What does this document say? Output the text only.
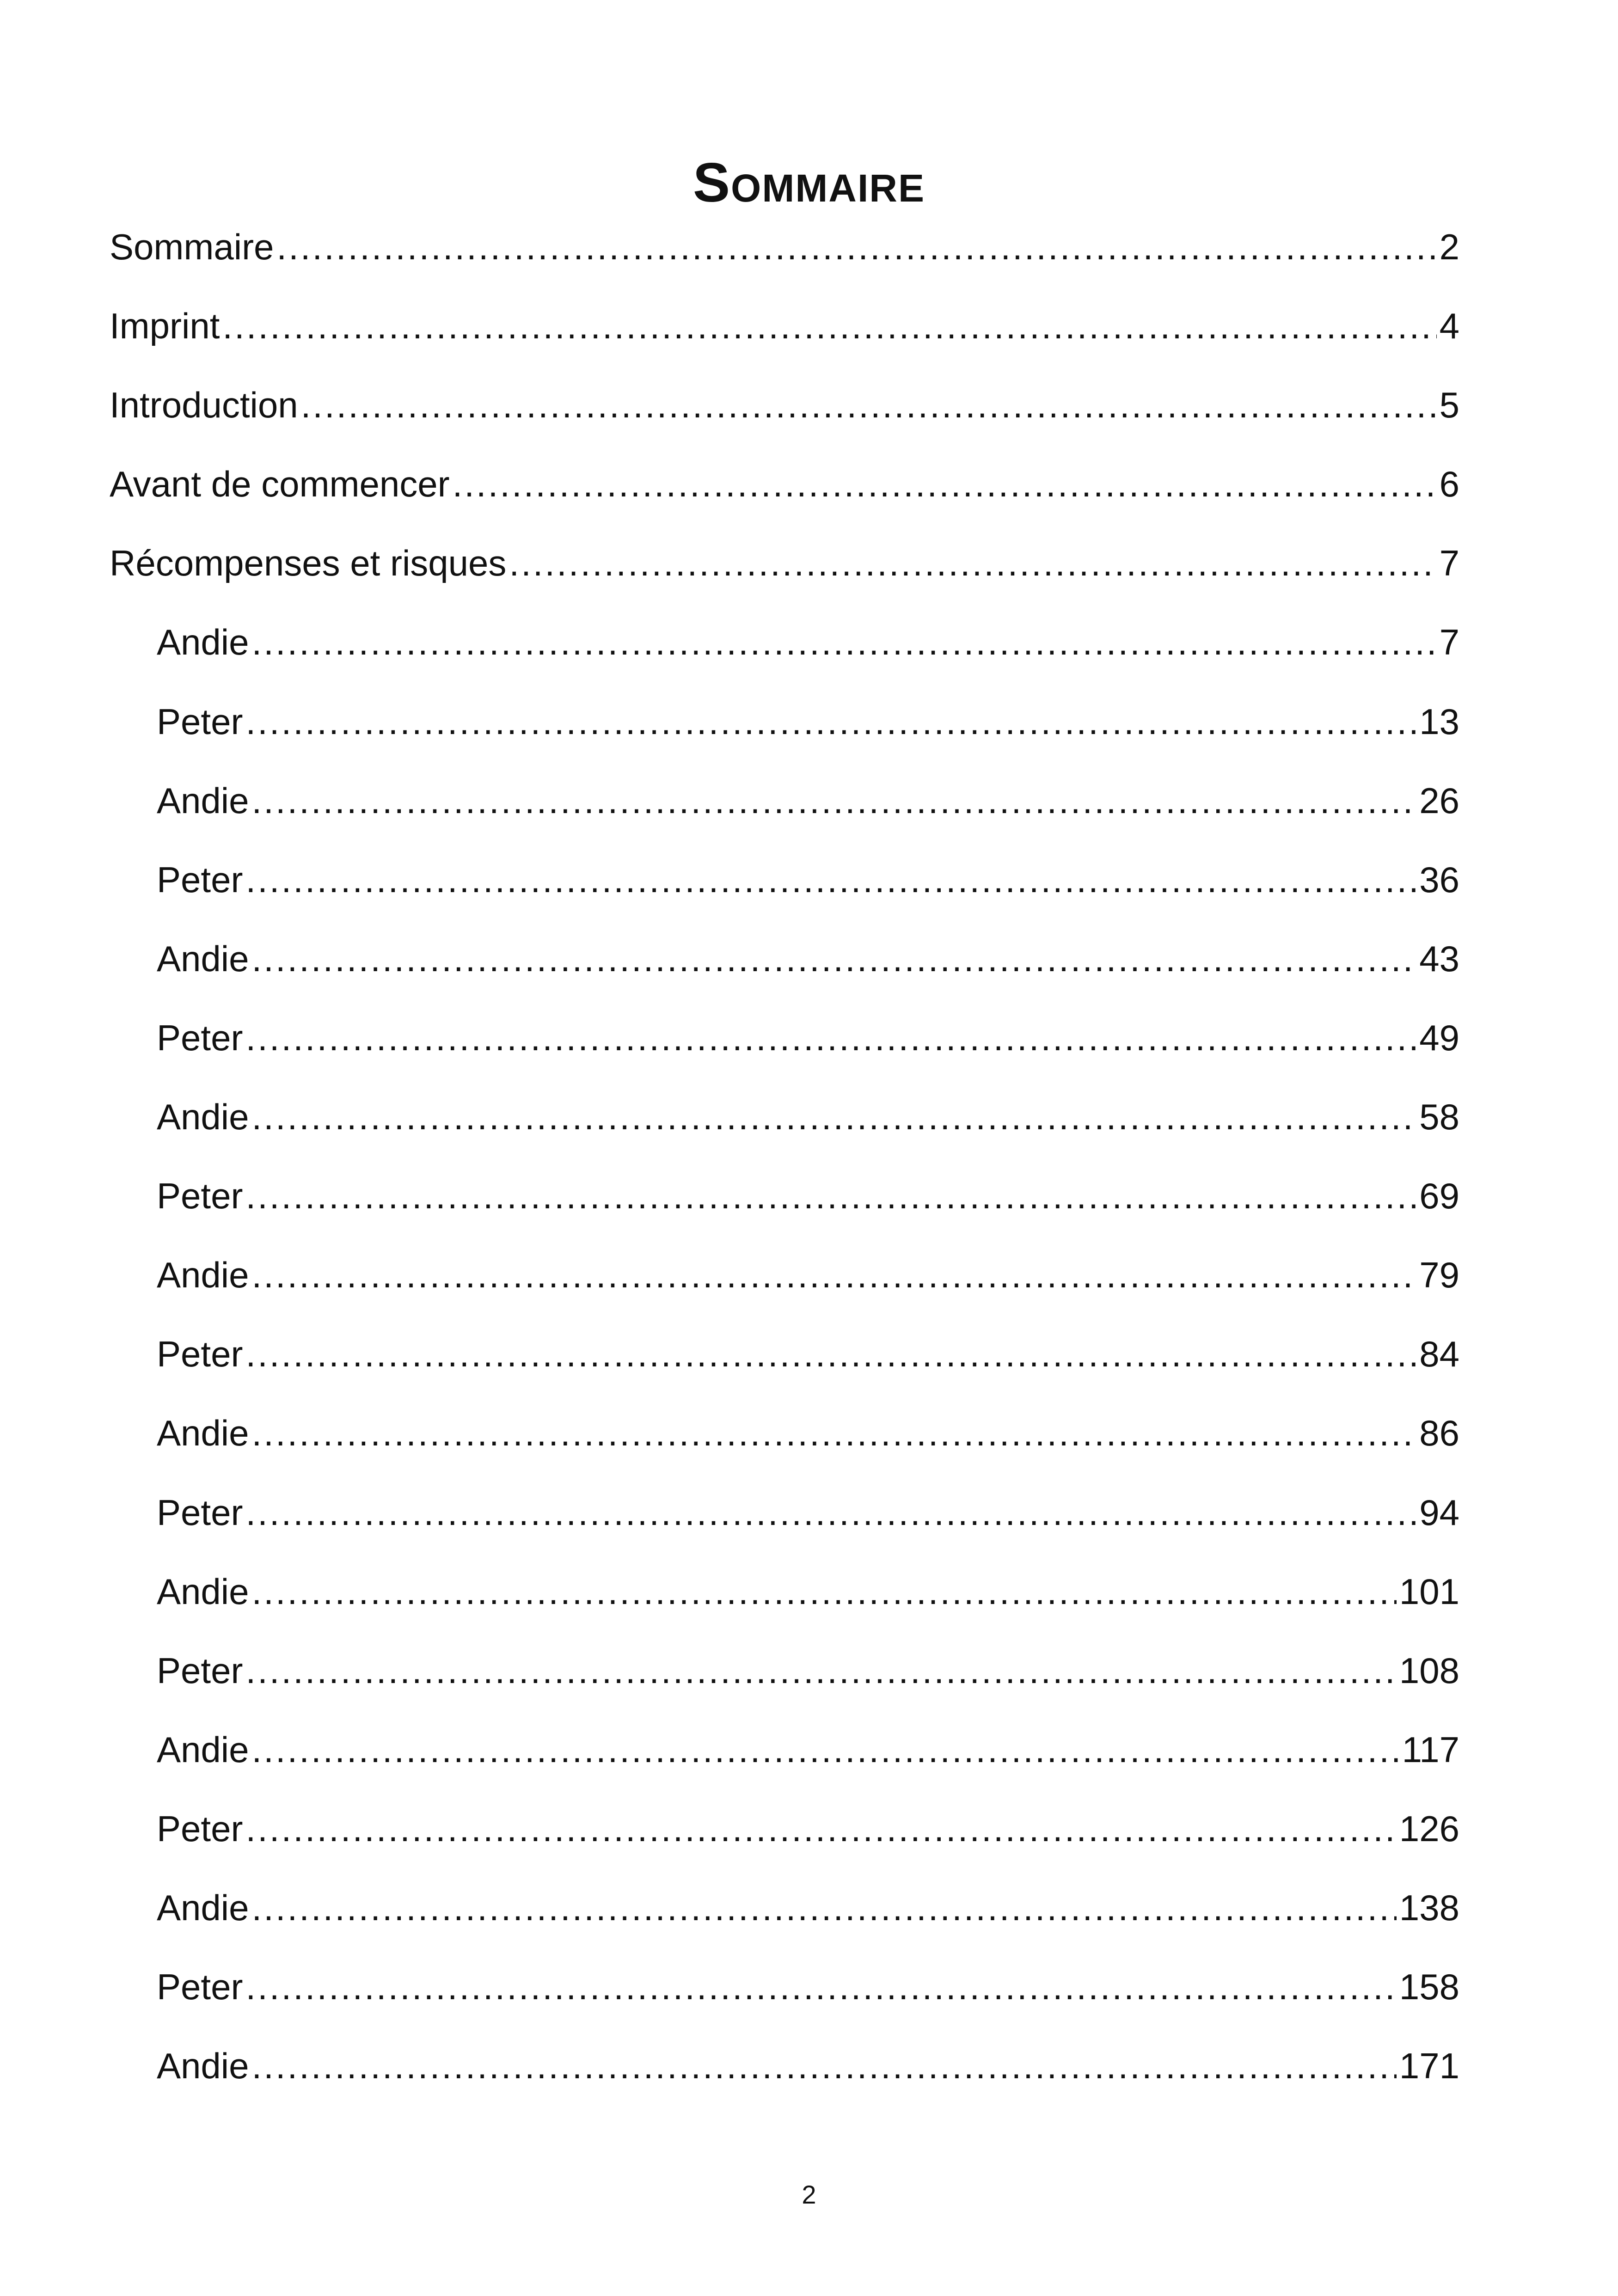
Sommaire
Sommaire .....	2
Imprint .....	4
Introduction .....	5
Avant de commencer .....	6
Récompenses et risques .....	7
Andie .....	7
Peter .....	13
Andie .....	26
Peter .....	36
Andie .....	43
Peter .....	49
Andie .....	58
Peter .....	69
Andie .....	79
Peter .....	84
Andie .....	86
Peter .....	94
Andie .....	101
Peter .....	108
Andie .....	117
Peter .....	126
Andie .....	138
Peter .....	158
Andie .....	171
2
